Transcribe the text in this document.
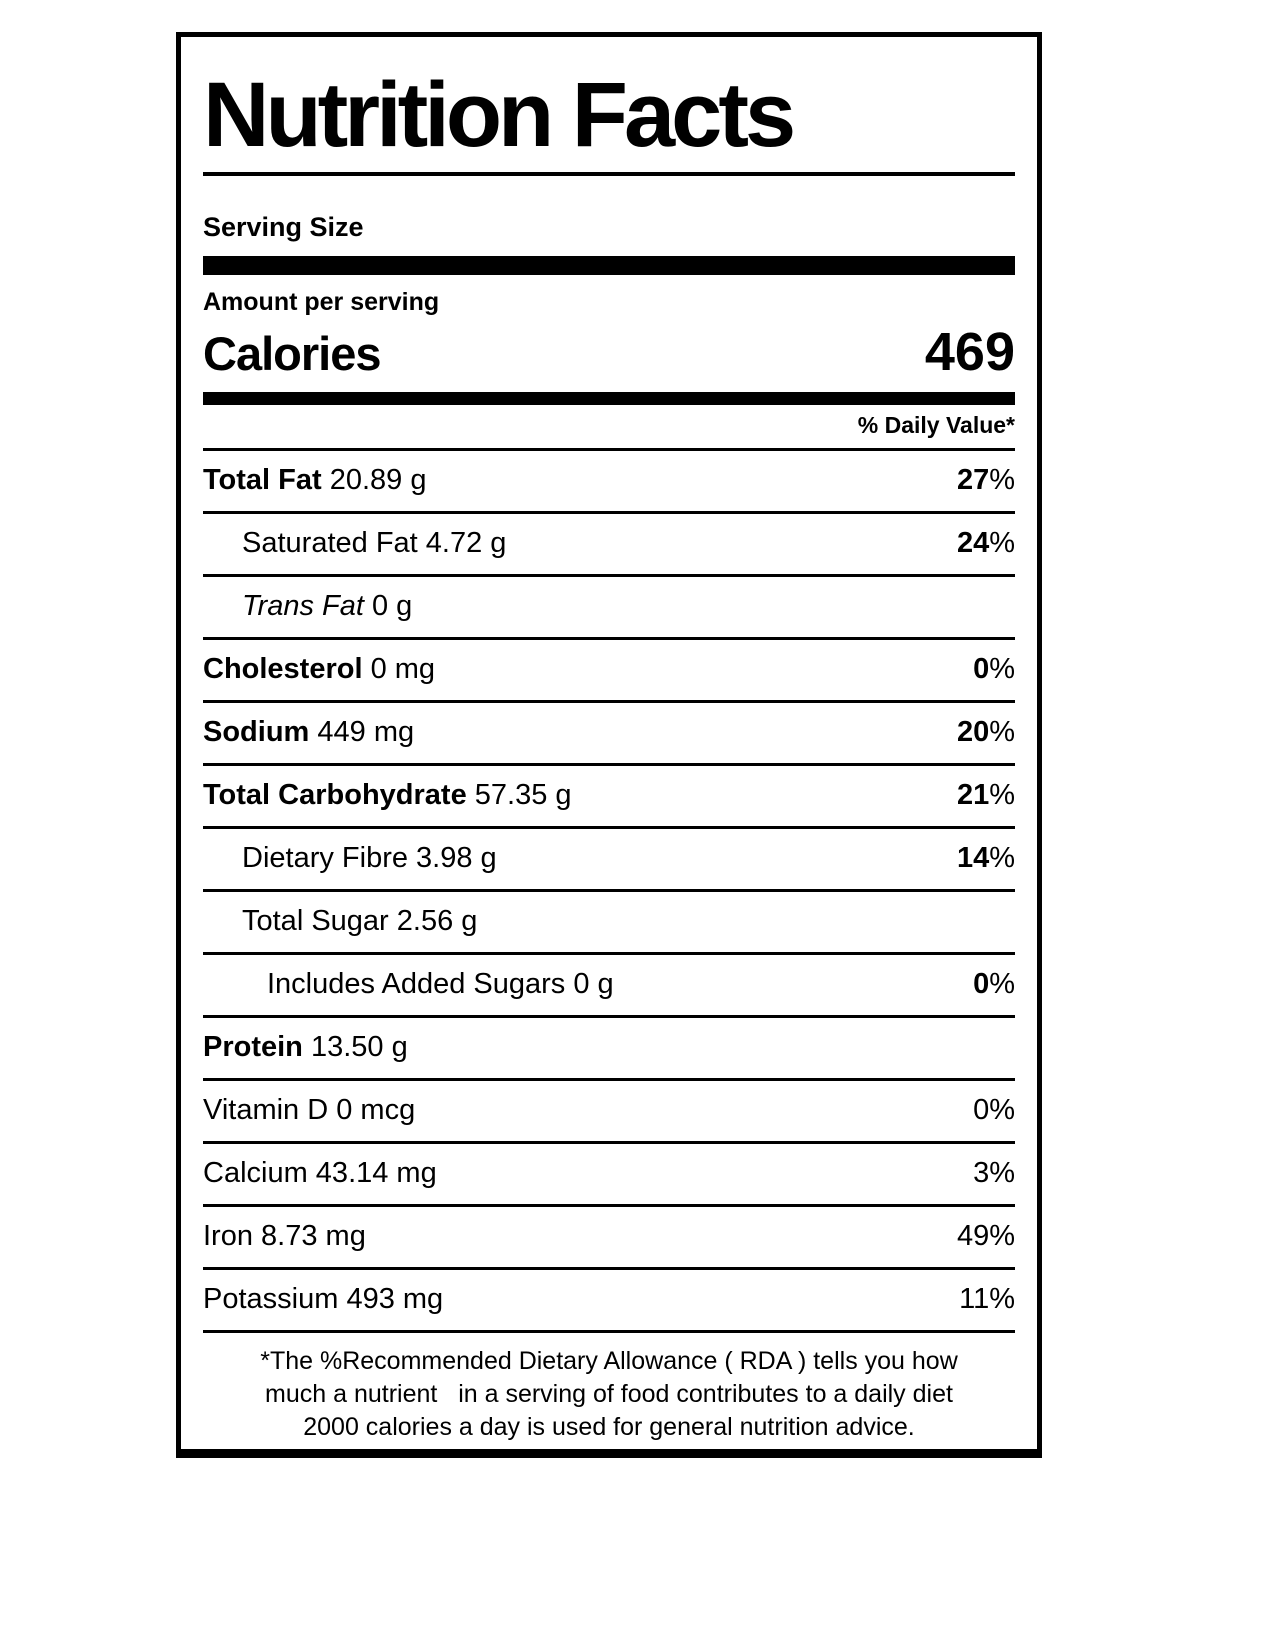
Nutrition Facts
Serving Size
Amount per serving
Calories	469
% Daily Value*
Total Fat 20.89 g	27%
Saturated Fat 4.72 g	24%
Trans Fat 0 g
Cholesterol 0 mg	0%
Sodium 449 mg	20%
Total Carbohydrate 57.35 g	21%
Dietary Fibre 3.98 g	14%
Total Sugar 2.56 g
Includes Added Sugars 0 g	0%
Protein 13.50 g
Vitamin D 0 mcg	0%
Calcium 43.14 mg	3%
Iron 8.73 mg	49%
Potassium 493 mg	11%
*The %Recommended Dietary Allowance ( RDA ) tells you how
much a nutrient   in a serving of food contributes to a daily diet
2000 calories a day is used for general nutrition advice.
